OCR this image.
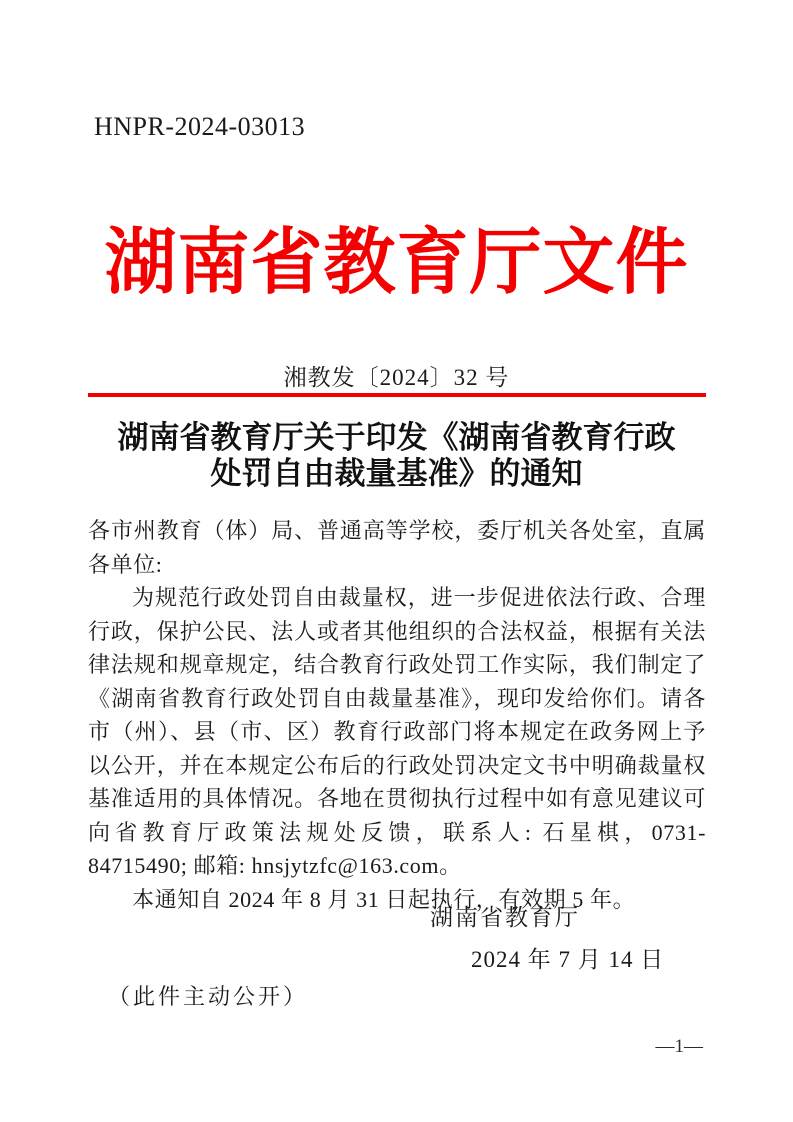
HNPR-2024-03013
湖南省教育厅文件
湘教发〔2024〕32 号
湖南省教育厅关于印发《湖南省教育行政
处罚自由裁量基准》的通知

各市州教育（体）局、普通高等学校，委厅机关各处室，直属各单位:

为规范行政处罚自由裁量权，进一步促进依法行政、合理行政，保护公民、法人或者其他组织的合法权益，根据有关法律法规和规章规定，结合教育行政处罚工作实际，我们制定了《湖南省教育行政处罚自由裁量基准》，现印发给你们。请各市（州）、县（市、区）教育行政部门将本规定在政务网上予以公开，并在本规定公布后的行政处罚决定文书中明确裁量权基准适用的具体情况。各地在贯彻执行过程中如有意见建议可向省教育厅政策法规处反馈，联系人: 石星棋，0731-84715490; 邮箱: hnsjytzfc@163.com。

本通知自 2024 年 8 月 31 日起执行，有效期 5 年。

湖南省教育厅
2024 年 7 月 14 日
（此件主动公开）
—1—
